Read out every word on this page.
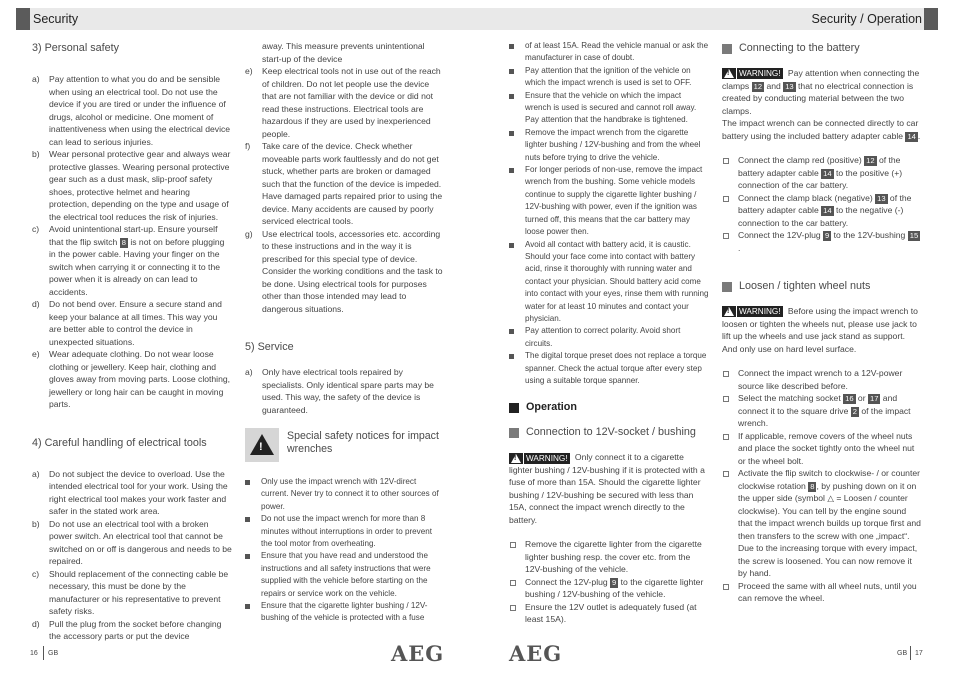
Security	Security / Operation
3) Personal safety
a) Pay attention to what you do and be sensible when using an electrical tool. Do not use the device if you are tired or under the influence of drugs, alcohol or medicine. One moment of inattentiveness when using the electrical device can lead to serious injuries.
b) Wear personal protective gear and always wear protective glasses. Wearing personal protective gear such as a dust mask, slip-proof safety shoes, protective helmet and hearing protection, depending on the type and usage of the electrical tool reduces the risk of injuries.
c) Avoid unintentional start-up. Ensure yourself that the flip switch 8 is not on before plugging in the power cable. Having your finger on the switch when carrying it or connecting it to the power when it is already on can lead to accidents.
d) Do not bend over. Ensure a secure stand and keep your balance at all times. This way you are better able to control the device in unexpected situations.
e) Wear adequate clothing. Do not wear loose clothing or jewellery. Keep hair, clothing and gloves away from moving parts. Loose clothing, jewellery or long hair can be caught in moving parts.
4) Careful handling of electrical tools
a) Do not subject the device to overload. Use the intended electrical tool for your work. Using the right electrical tool makes your work faster and safer in the stated work area.
b) Do not use an electrical tool with a broken power switch. An electrical tool that cannot be switched on or off is dangerous and needs to be repaired.
c) Should replacement of the connecting cable be necessary, this must be done by the manufacturer or his representative to prevent safety risks.
d) Pull the plug from the socket before changing the accessory parts or put the device
away. This measure prevents unintentional start-up of the device
e) Keep electrical tools not in use out of the reach of children. Do not let people use the device that are not familiar with the device or did not read these instructions. Electrical tools are hazardous if they are used by inexperienced people.
f) Take care of the device. Check whether moveable parts work faultlessly and do not get stuck, whether parts are broken or damaged such that the function of the device is impeded. Have damaged parts repaired prior to using the device. Many accidents are caused by poorly serviced electrical tools.
g) Use electrical tools, accessories etc. according to these instructions and in the way it is prescribed for this special type of device. Consider the working conditions and the task to be done. Using electrical tools for purposes other than those intended may lead to dangerous situations.
5) Service
a) Only have electrical tools repaired by specialists. Only identical spare parts may be used. This way, the safety of the device is guaranteed.
!
Special safety notices for impact wrenches
Only use the impact wrench with 12V-direct current. Never try to connect it to other sources of power.
Do not use the impact wrench for more than 8 minutes without interruptions in order to prevent the tool motor from overheating.
Ensure that you have read and understood the instructions and all safety instructions that were supplied with the vehicle before starting on the repairs or service work on the vehicle.
Ensure that the cigarette lighter bushing / 12V-bushing of the vehicle is protected with a fuse
of at least 15A. Read the vehicle manual or ask the manufacturer in case of doubt.
Pay attention that the ignition of the vehicle on which the impact wrench is used is set to OFF.
Ensure that the vehicle on which the impact wrench is used is secured and cannot roll away. Pay attention that the handbrake is tightened.
Remove the impact wrench from the cigarette lighter bushing / 12V-bushing and from the wheel nuts before trying to drive the vehicle.
For longer periods of non-use, remove the impact wrench from the bushing. Some vehicle models continue to supply the cigarette lighter bushing / 12V-bushing with power, even if the ignition was turned off, this means that the car battery may loose power then.
Avoid all contact with battery acid, it is caustic. Should your face come into contact with battery acid, rinse it thoroughly with running water and contact your physician. Should battery acid come into contact with your eyes, rinse them with running water for at least 10 minutes and contact your physician.
Pay attention to correct polarity. Avoid short circuits.
The digital torque preset does not replace a torque spanner. Check the actual torque after every step using a suitable torque spanner.
Operation
Connection to 12V-socket / bushing
!
WARNING! Only connect it to a cigarette lighter bushing / 12V-bushing if it is protected with a fuse of more than 15A. Should the cigarette lighter bushing / 12V-bushing be secured with less than 15A, connect the impact wrench directly to the battery.
Remove the cigarette lighter from the cigarette lighter bushing resp. the cover etc. from the 12V-bushing of the vehicle.
Connect the 12V-plug 9 to the cigarette lighter bushing / 12V-bushing of the vehicle.
Ensure the 12V outlet is adequately fused (at least 15A).
Connecting to the battery
!
WARNING! Pay attention when connecting the clamps 12 and 13 that no electrical connection is created by conducting material between the two clamps.
The impact wrench can be connected directly to car battery using the included battery adapter cable 14 .
Connect the clamp red (positive) 12 of the battery adapter cable 14 to the positive (+) connection of the car battery.
Connect the clamp black (negative) 13 of the battery adapter cable 14 to the negative (-) connection to the car battery.
Connect the 12V-plug 9 to the 12V-bushing 15.
Loosen / tighten wheel nuts
!
WARNING! Before using the impact wrench to loosen or tighten the wheels nut, please use jack to lift up the wheels and use jack stand as support.
And only use on hard level surface.
Connect the impact wrench to a 12V-power source like described before.
Select the matching socket 16 or 17 and connect it to the square drive 2 of the impact wrench.
If applicable, remove covers of the wheel nuts and place the socket tightly onto the wheel nut or the wheel bolt.
Activate the flip switch to clockwise- / or counter clockwise rotation 8 , by pushing down on it on the upper side (symbol △ = Loosen / counter clockwise). You can tell by the engine sound that the impact wrench builds up torque first and then transfers to the screw with one „impact“. Due to the increasing torque with every impact, the screw is loosened. You can now remove it by hand.
Proceed the same with all wheel nuts, until you can remove the wheel.
16 GB	AEG	AEG	GB 17
